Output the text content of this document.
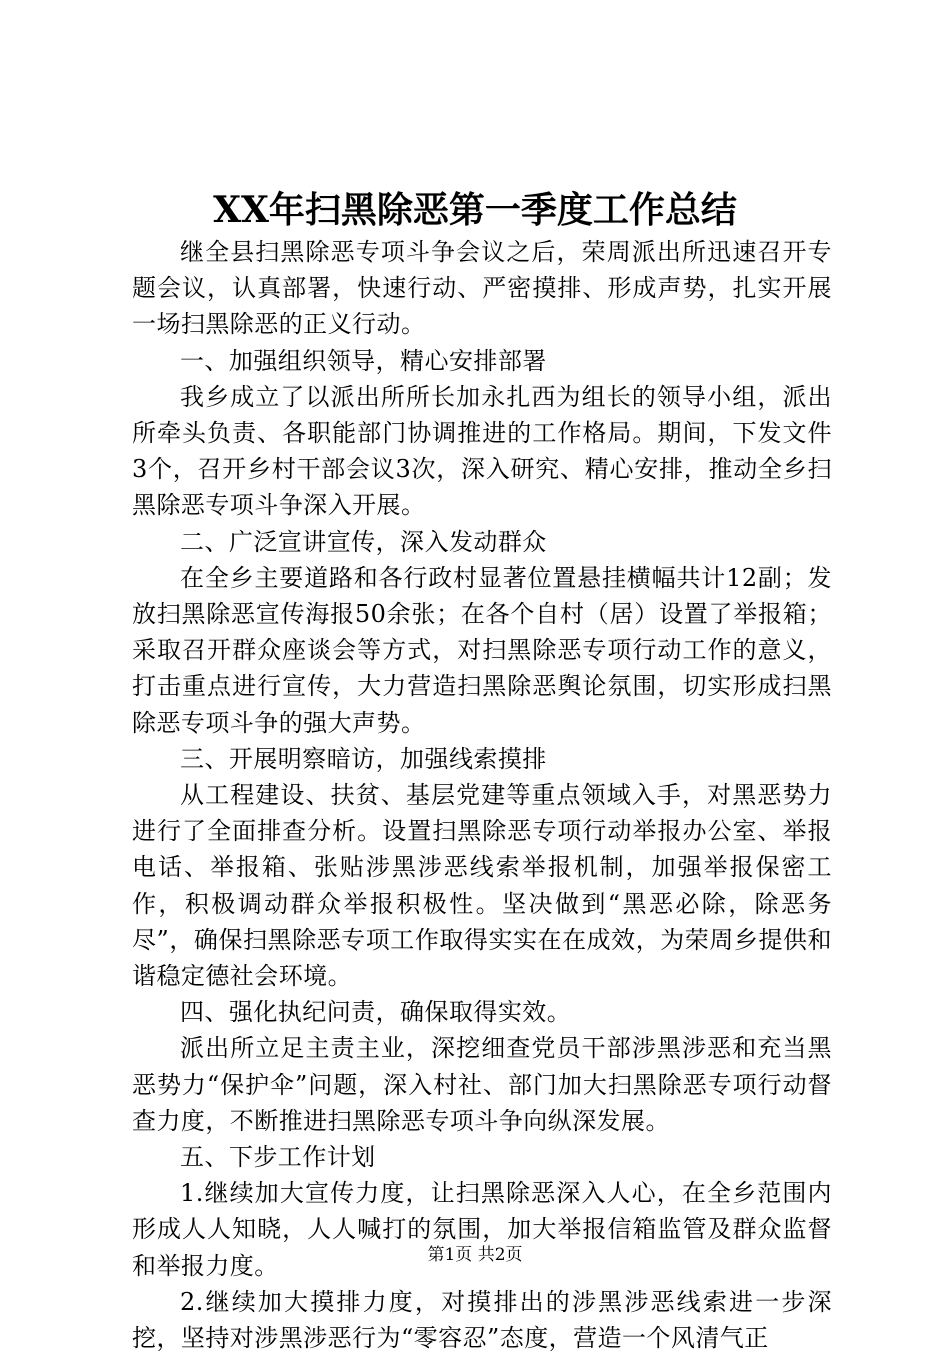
XX年扫黑除恶第一季度工作总结

继全县扫黑除恶专项斗争会议之后，荣周派出所迅速召开专题会议，认真部署，快速行动、严密摸排、形成声势，扎实开展一场扫黑除恶的正义行动。

一、加强组织领导，精心安排部署

我乡成立了以派出所所长加永扎西为组长的领导小组，派出所牵头负责、各职能部门协调推进的工作格局。期间，下发文件3个，召开乡村干部会议3次，深入研究、精心安排，推动全乡扫黑除恶专项斗争深入开展。

二、广泛宣讲宣传，深入发动群众

在全乡主要道路和各行政村显著位置悬挂横幅共计12副；发放扫黑除恶宣传海报50余张；在各个自村（居）设置了举报箱；采取召开群众座谈会等方式，对扫黑除恶专项行动工作的意义，打击重点进行宣传，大力营造扫黑除恶舆论氛围，切实形成扫黑除恶专项斗争的强大声势。

三、开展明察暗访，加强线索摸排

从工程建设、扶贫、基层党建等重点领域入手，对黑恶势力进行了全面排查分析。设置扫黑除恶专项行动举报办公室、举报电话、举报箱、张贴涉黑涉恶线索举报机制，加强举报保密工作，积极调动群众举报积极性。坚决做到“黑恶必除，除恶务尽”，确保扫黑除恶专项工作取得实实在在成效，为荣周乡提供和谐稳定德社会环境。

四、强化执纪问责，确保取得实效。

派出所立足主责主业，深挖细查党员干部涉黑涉恶和充当黑恶势力“保护伞”问题，深入村社、部门加大扫黑除恶专项行动督查力度，不断推进扫黑除恶专项斗争向纵深发展。

五、下步工作计划

1.继续加大宣传力度，让扫黑除恶深入人心，在全乡范围内形成人人知晓，人人喊打的氛围，加大举报信箱监管及群众监督和举报力度。

2.继续加大摸排力度，对摸排出的涉黑涉恶线索进一步深挖，坚持对涉黑涉恶行为“零容忍”态度，营造一个风清气正

第1页 共2页
